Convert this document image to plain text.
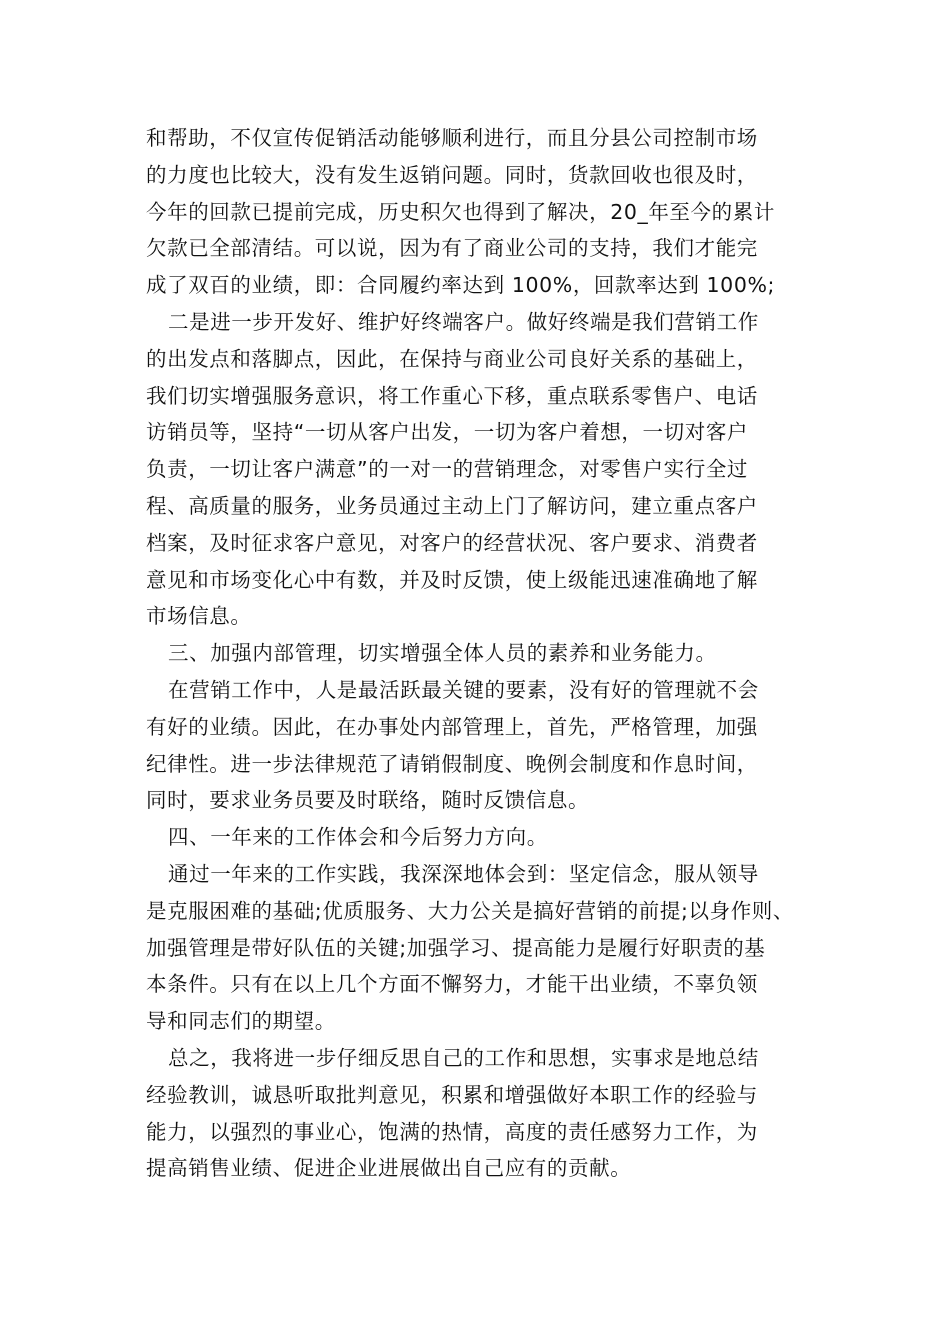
和帮助，不仅宣传促销活动能够顺利进行，而且分县公司控制市场
的力度也比较大，没有发生返销问题。同时，货款回收也很及时，
今年的回款已提前完成，历史积欠也得到了解决，20_年至今的累计
欠款已全部清结。可以说，因为有了商业公司的支持，我们才能完
成了双百的业绩，即：合同履约率达到 100%，回款率达到 100%;
二是进一步开发好、维护好终端客户。做好终端是我们营销工作
的出发点和落脚点，因此，在保持与商业公司良好关系的基础上，
我们切实增强服务意识，将工作重心下移，重点联系零售户、电话
访销员等，坚持“一切从客户出发，一切为客户着想，一切对客户
负责，一切让客户满意”的一对一的营销理念，对零售户实行全过
程、高质量的服务，业务员通过主动上门了解访问，建立重点客户
档案，及时征求客户意见，对客户的经营状况、客户要求、消费者
意见和市场变化心中有数，并及时反馈，使上级能迅速准确地了解
市场信息。
三、加强内部管理，切实增强全体人员的素养和业务能力。
在营销工作中，人是最活跃最关键的要素，没有好的管理就不会
有好的业绩。因此，在办事处内部管理上，首先，严格管理，加强
纪律性。进一步法律规范了请销假制度、晚例会制度和作息时间，
同时，要求业务员要及时联络，随时反馈信息。
四、一年来的工作体会和今后努力方向。
通过一年来的工作实践，我深深地体会到：坚定信念，服从领导
是克服困难的基础;优质服务、大力公关是搞好营销的前提;以身作则、
加强管理是带好队伍的关键;加强学习、提高能力是履行好职责的基
本条件。只有在以上几个方面不懈努力，才能干出业绩，不辜负领
导和同志们的期望。
总之，我将进一步仔细反思自己的工作和思想，实事求是地总结
经验教训，诚恳听取批判意见，积累和增强做好本职工作的经验与
能力，以强烈的事业心，饱满的热情，高度的责任感努力工作，为
提高销售业绩、促进企业进展做出自己应有的贡献。
